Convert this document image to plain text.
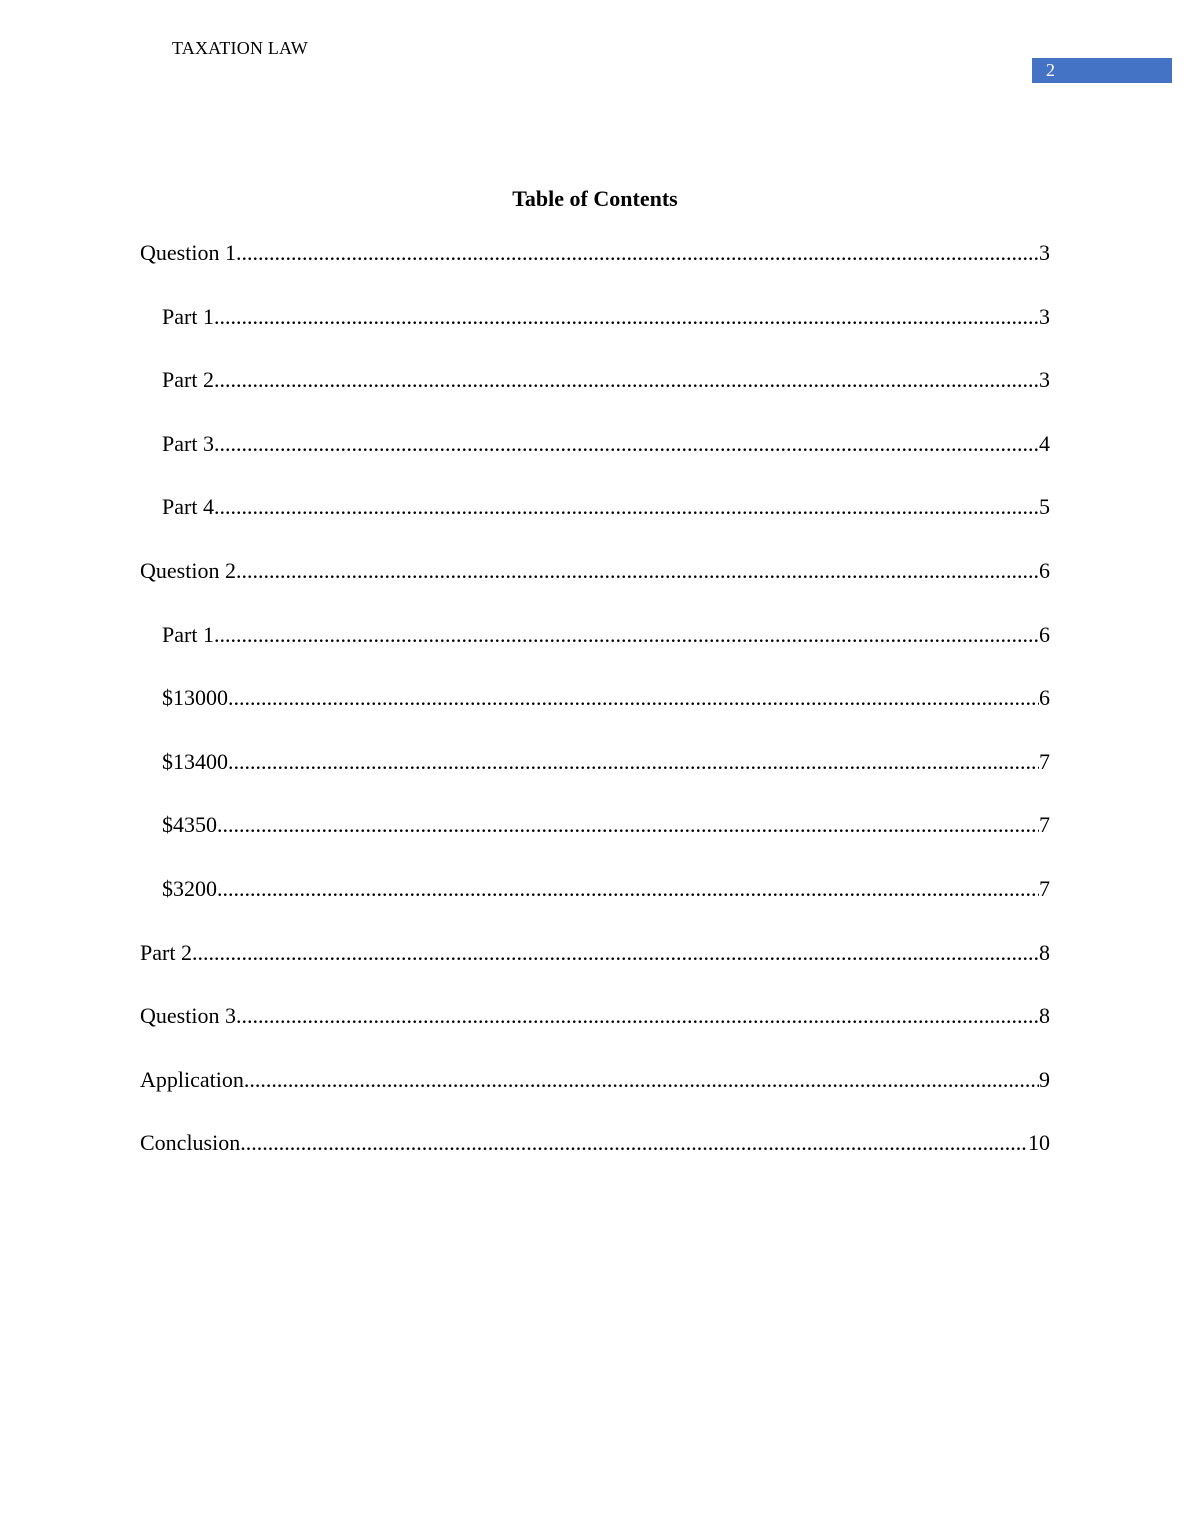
TAXATION LAW
2
Table of Contents
Question 1 .....	3
Part 1 .....	3
Part 2 .....	3
Part 3 .....	4
Part 4 .....	5
Question 2 .....	6
Part 1 .....	6
$13000 .....	6
$13400 .....	7
$4350 .....	7
$3200 .....	7
Part 2 .....	8
Question 3 .....	8
Application .....	9
Conclusion .....	10
